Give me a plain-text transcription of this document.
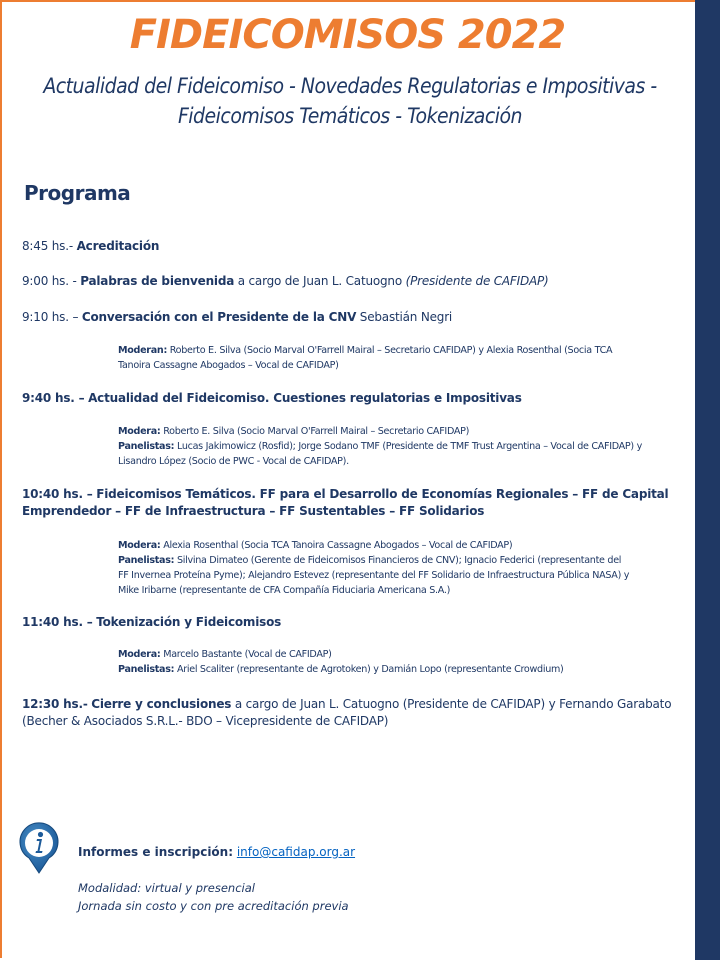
FIDEICOMISOS 2022
Actualidad del Fideicomiso - Novedades Regulatorias e Impositivas -
Fideicomisos Temáticos - Tokenización
Programa
8:45 hs.- Acreditación
9:00 hs. - Palabras de bienvenida a cargo de Juan L. Catuogno (Presidente de CAFIDAP)
9:10 hs. – Conversación con el Presidente de la CNV Sebastián Negri
Moderan: Roberto E. Silva (Socio Marval O'Farrell Mairal – Secretario CAFIDAP) y Alexia Rosenthal (Socia TCA
Tanoira Cassagne Abogados – Vocal de CAFIDAP)
9:40 hs. – Actualidad del Fideicomiso. Cuestiones regulatorias e Impositivas
Modera: Roberto E. Silva (Socio Marval O'Farrell Mairal – Secretario CAFIDAP)
Panelistas: Lucas Jakimowicz (Rosfid); Jorge Sodano TMF (Presidente de TMF Trust Argentina – Vocal de CAFIDAP) y
Lisandro López (Socio de PWC - Vocal de CAFIDAP).
10:40 hs. – Fideicomisos Temáticos. FF para el Desarrollo de Economías Regionales – FF de Capital
Emprendedor – FF de Infraestructura – FF Sustentables – FF Solidarios
Modera: Alexia Rosenthal (Socia TCA Tanoira Cassagne Abogados – Vocal de CAFIDAP)
Panelistas: Silvina Dimateo (Gerente de Fideicomisos Financieros de CNV); Ignacio Federici (representante del
FF Invernea Proteína Pyme); Alejandro Estevez (representante del FF Solidario de Infraestructura Pública NASA) y
Mike Iribarne (representante de CFA Compañía Fiduciaria Americana S.A.)
11:40 hs. – Tokenización y Fideicomisos
Modera: Marcelo Bastante (Vocal de CAFIDAP)
Panelistas: Ariel Scaliter (representante de Agrotoken) y Damián Lopo (representante Crowdium)
12:30 hs.- Cierre y conclusiones a cargo de Juan L. Catuogno (Presidente de CAFIDAP) y Fernando Garabato
(Becher & Asociados S.R.L.- BDO – Vicepresidente de CAFIDAP)
Informes e inscripción: info@cafidap.org.ar
Modalidad: virtual y presencial
Jornada sin costo y con pre acreditación previa
